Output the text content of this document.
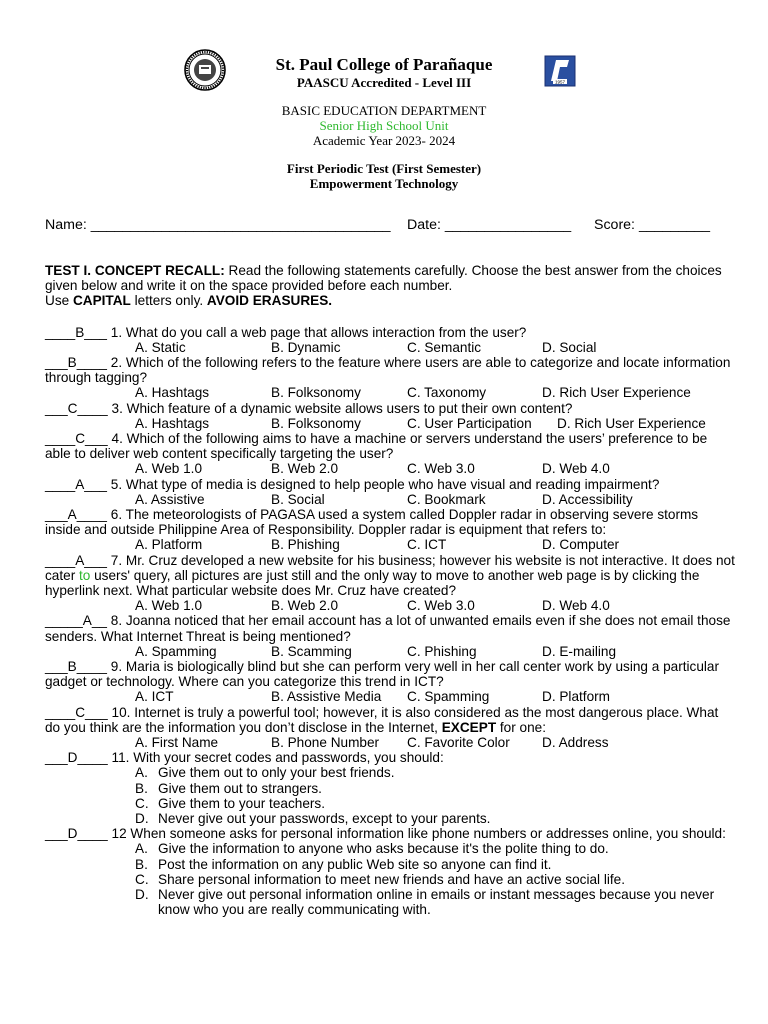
1957
St. Paul College of Parañaque
PAASCU Accredited - Level III
BASIC EDUCATION DEPARTMENT
Senior High School Unit
Academic Year 2023- 2024
First Periodic Test (First Semester)
Empowerment Technology
Name: ______________________________________ Date: ________________ Score: _________

TEST I. CONCEPT RECALL: Read the following statements carefully. Choose the best answer from the choices given below and write it on the space provided before each number.
Use CAPITAL letters only. AVOID ERASURES.

____B___ 1. What do you call a web page that allows interaction from the user?

A. Static	B. Dynamic	C. Semantic	D. Social

___B____ 2. Which of the following refers to the feature where users are able to categorize and locate information through tagging?

A. Hashtags	B. Folksonomy	C. Taxonomy	D. Rich User Experience

___C____ 3. Which feature of a dynamic website allows users to put their own content?

A. Hashtags	B. Folksonomy	C. User Participation D. Rich User Experience

____C___ 4. Which of the following aims to have a machine or servers understand the users’ preference to be able to deliver web content specifically targeting the user?

A. Web 1.0	B. Web 2.0	C. Web 3.0	D. Web 4.0

____A___ 5. What type of media is designed to help people who have visual and reading impairment?

A. Assistive	B. Social	C. Bookmark	D. Accessibility

___A____ 6. The meteorologists of PAGASA used a system called Doppler radar in observing severe storms inside and outside Philippine Area of Responsibility. Doppler radar is equipment that refers to:

A. Platform	B. Phishing	C. ICT	D. Computer

____A___ 7. Mr. Cruz developed a new website for his business; however his website is not interactive. It does not cater to users' query, all pictures are just still and the only way to move to another web page is by clicking the hyperlink next. What particular website does Mr. Cruz have created?

A. Web 1.0	B. Web 2.0	C. Web 3.0	D. Web 4.0

_____A__ 8. Joanna noticed that her email account has a lot of unwanted emails even if she does not email those senders. What Internet Threat is being mentioned?

A. Spamming	B. Scamming	C. Phishing	D. E-mailing

___B____ 9. Maria is biologically blind but she can perform very well in her call center work by using a particular gadget or technology. Where can you categorize this trend in ICT?

A. ICT	B. Assistive Media C. Spamming	D. Platform

____C___ 10. Internet is truly a powerful tool; however, it is also considered as the most dangerous place. What do you think are the information you don’t disclose in the Internet, EXCEPT for one:

A. First Name	B. Phone Number C. Favorite Color D. Address

___D____ 11. With your secret codes and passwords, you should:

A. Give them out to only your best friends.
B. Give them out to strangers.
C. Give them to your teachers.
D. Never give out your passwords, except to your parents.

___D____ 12 When someone asks for personal information like phone numbers or addresses online, you should:

A. Give the information to anyone who asks because it's the polite thing to do.
B. Post the information on any public Web site so anyone can find it.
C. Share personal information to meet new friends and have an active social life.
D. Never give out personal information online in emails or instant messages because you never know who you are really communicating with.
